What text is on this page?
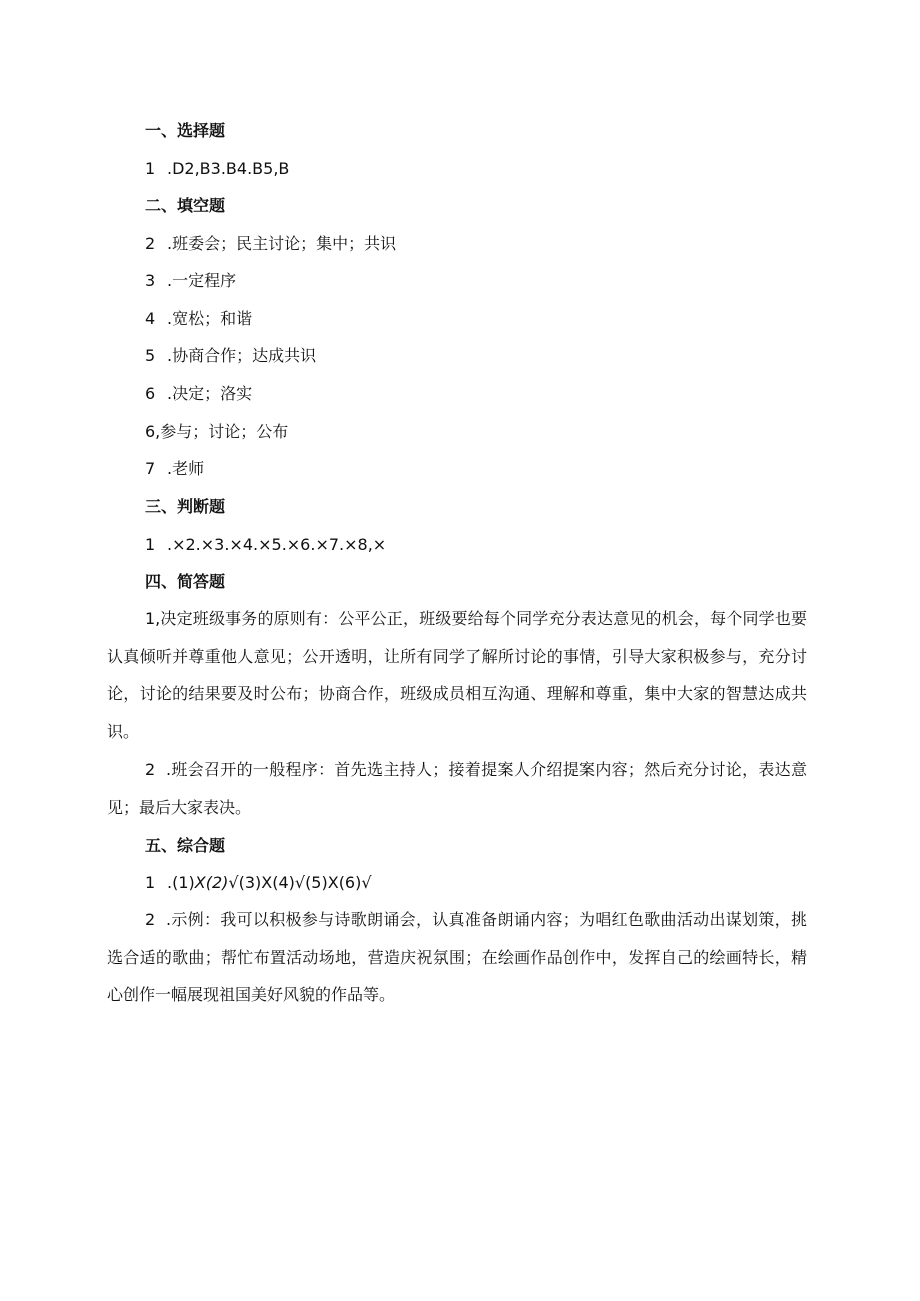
一、选择题
1 .D2,B3.B4.B5,B
二、填空题
2 .班委会；民主讨论；集中；共识
3 .一定程序
4 .宽松；和谐
5 .协商合作；达成共识
6 .决定；洛实
6,参与；讨论；公布
7 .老师
三、判断题
1 .×2.×3.×4.×5.×6.×7.×8,×
四、简答题

1,决定班级事务的原则有：公平公正，班级要给每个同学充分表达意见的机会，每个同学也要认真倾听并尊重他人意见；公开透明，让所有同学了解所讨论的事情，引导大家积极参与，充分讨论，讨论的结果要及时公布；协商合作，班级成员相互沟通、理解和尊重，集中大家的智慧达成共识。

2  .班会召开的一般程序：首先选主持人；接着提案人介绍提案内容；然后充分讨论，表达意见；最后大家表决。

五、综合题
1 .(1)X(2)√(3)X(4)√(5)X(6)√

2  .示例：我可以积极参与诗歌朗诵会，认真准备朗诵内容；为唱红色歌曲活动出谋划策，挑选合适的歌曲；帮忙布置活动场地，营造庆祝氛围；在绘画作品创作中，发挥自己的绘画特长，精心创作一幅展现祖国美好风貌的作品等。
